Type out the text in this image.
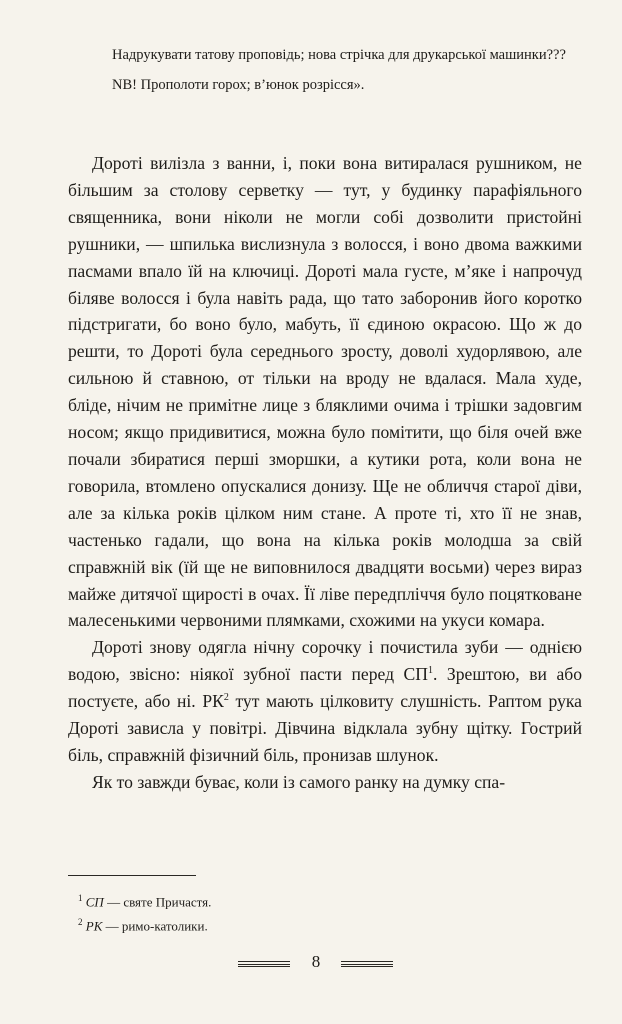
Надрукувати татову проповідь; нова стрічка для друкарської машинки???

NB! Прополоти горох; в’юнок розрісся».

Дороті вилізла з ванни, і, поки вона витиралася рушником, не більшим за столову серветку — тут, у будинку парафіяльного священника, вони ніколи не могли собі дозволити пристойні рушники, — шпилька вислизнула з волосся, і воно двома важкими пасмами впало їй на ключиці. Дороті мала густе, м’яке і напрочуд біляве волосся і була навіть рада, що тато заборонив його коротко підстригати, бо воно було, мабуть, її єдиною окрасою. Що ж до решти, то Дороті була середнього зросту, доволі худорлявою, але сильною й ставною, от тільки на вроду не вдалася. Мала худе, бліде, нічим не примітне лице з бляклими очима і трішки задовгим носом; якщо придивитися, можна було помітити, що біля очей вже почали збиратися перші зморшки, а кутики рота, коли вона не говорила, втомлено опускалися донизу. Ще не обличчя старої діви, але за кілька років цілком ним стане. А проте ті, хто її не знав, частенько гадали, що вона на кілька років молодша за свій справжній вік (їй ще не виповнилося двадцяти восьми) через вираз майже дитячої щирості в очах. Її ліве передпліччя було поцятковане малесенькими червоними плямками, схожими на укуси комара.

Дороті знову одягла нічну сорочку і почистила зуби — однією водою, звісно: ніякої зубної пасти перед $СП^1$. Зрештою, ви або постуєте, або ні. $РК^2$ тут мають цілковиту слушність. Раптом рука Дороті зависла у повітрі. Дівчина відклала зубну щітку. Гострий біль, справжній фізичний біль, пронизав шлунок.

Як то завжди буває, коли із самого ранку на думку спа-

$^1$ СП — святе Причастя.
$^2$ РК — римо-католики.
8
